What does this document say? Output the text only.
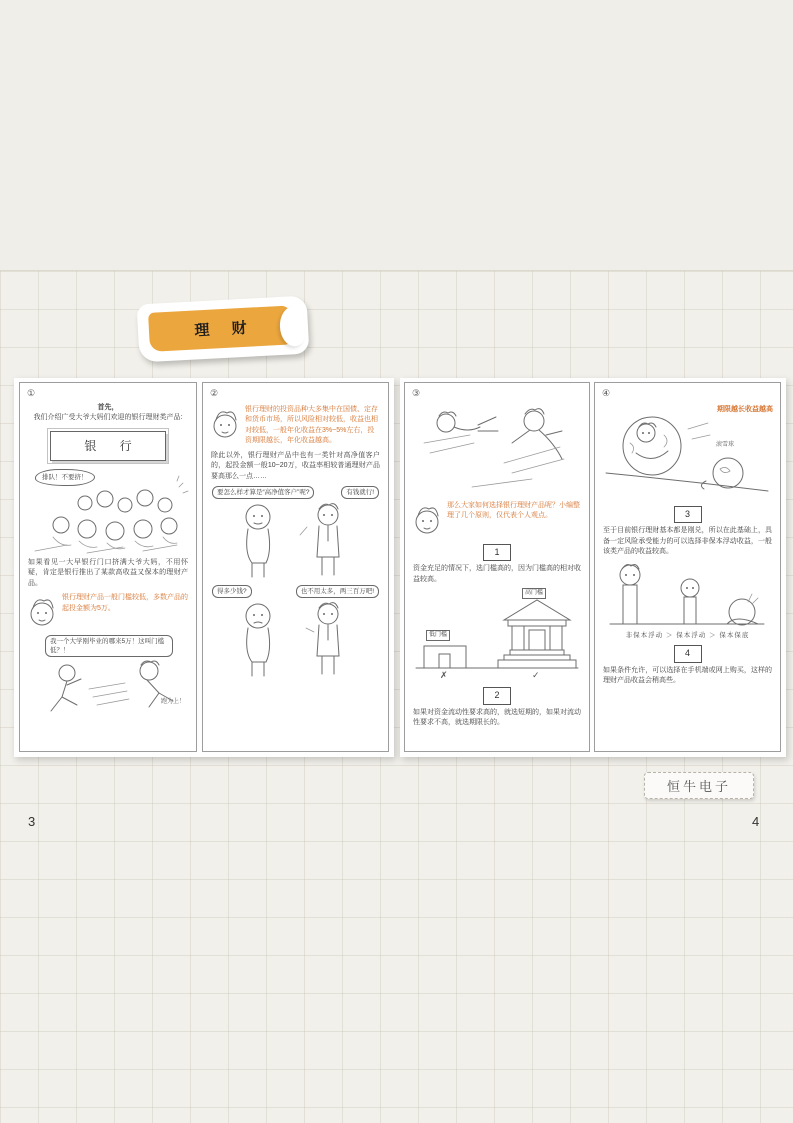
理 财
①
首先，
我们介绍广受大爷大妈们欢迎的银行理财类产品:
银 行
排队！不要挤！
如果看见一大早银行门口挤满大爷大妈，不用怀疑，肯定是银行推出了某款高收益又保本的理财产品。
银行理财产品一般门槛较低，多数产品的起投金额为5万。
我一个大学刚毕业的哪来5万！这叫门槛低？！
跑为上！
②
银行理财的投资品种大多集中在国债、定存和货币市场，所以风险相对较低，收益也相对较低，一般年化收益在3%~5%左右，投资期限越长，年化收益越高。
除此以外，银行理财产品中也有一类针对高净值客户的，起投金额一般10~20万，收益率相较普通理财产品要高那么一点……
要怎么样才算是“高净值客户”呢?	有钱就行!
得多少钱?	也不用太多，两三百万吧!
③
那么大家如何选择银行理财产品呢？小编整理了几个原则，仅代表个人观点。
1
资金充足的情况下，选门槛高的，因为门槛高的相对收益较高。
低门槛
高门槛
✗	✓
2
如果对资金流动性要求高的，就选短期的，如果对流动性要求不高，就选期限长的。
④
期限越长收益越高
滚雪球
3
至于目前银行理财基本都是刚兑，所以在此基础上，具备一定风险承受能力的可以选择非保本浮动收益，一般该类产品的收益较高。
非保本浮动 ＞ 保本浮动 ＞ 保本保底
4
如果条件允许，可以选择在手机端或网上购买，这样的理财产品收益会稍高些。
3	4
恒牛电子
